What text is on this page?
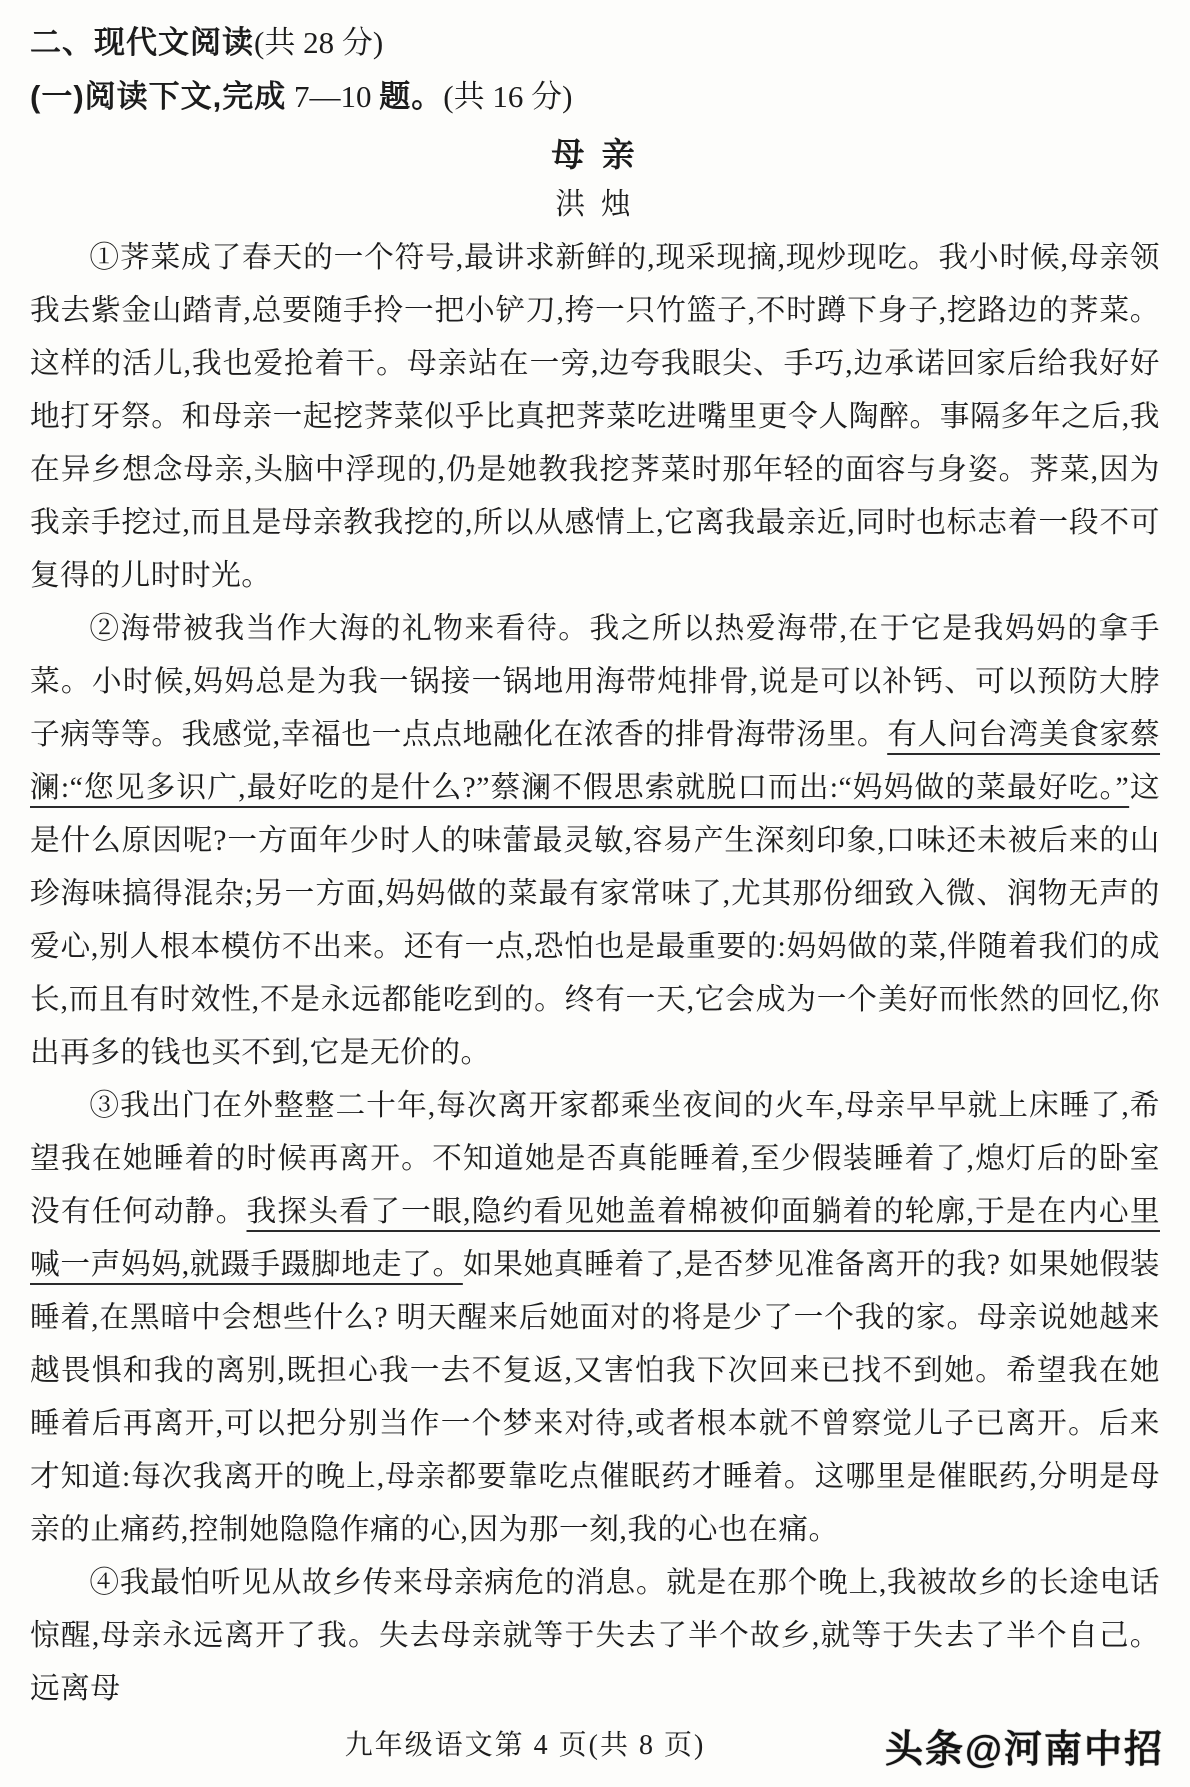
二、现代文阅读(共 28 分)
(一)阅读下文,完成 7—10 题。(共 16 分)
母 亲
洪 烛

①荠菜成了春天的一个符号,最讲求新鲜的,现采现摘,现炒现吃。我小时候,母亲领我去紫金山踏青,总要随手拎一把小铲刀,挎一只竹篮子,不时蹲下身子,挖路边的荠菜。这样的活儿,我也爱抢着干。母亲站在一旁,边夸我眼尖、手巧,边承诺回家后给我好好地打牙祭。和母亲一起挖荠菜似乎比真把荠菜吃进嘴里更令人陶醉。事隔多年之后,我在异乡想念母亲,头脑中浮现的,仍是她教我挖荠菜时那年轻的面容与身姿。荠菜,因为我亲手挖过,而且是母亲教我挖的,所以从感情上,它离我最亲近,同时也标志着一段不可复得的儿时时光。

②海带被我当作大海的礼物来看待。我之所以热爱海带,在于它是我妈妈的拿手菜。小时候,妈妈总是为我一锅接一锅地用海带炖排骨,说是可以补钙、可以预防大脖子病等等。我感觉,幸福也一点点地融化在浓香的排骨海带汤里。有人问台湾美食家蔡澜:“您见多识广,最好吃的是什么?”蔡澜不假思索就脱口而出:“妈妈做的菜最好吃。”这是什么原因呢?一方面年少时人的味蕾最灵敏,容易产生深刻印象,口味还未被后来的山珍海味搞得混杂;另一方面,妈妈做的菜最有家常味了,尤其那份细致入微、润物无声的爱心,别人根本模仿不出来。还有一点,恐怕也是最重要的:妈妈做的菜,伴随着我们的成长,而且有时效性,不是永远都能吃到的。终有一天,它会成为一个美好而怅然的回忆,你出再多的钱也买不到,它是无价的。

③我出门在外整整二十年,每次离开家都乘坐夜间的火车,母亲早早就上床睡了,希望我在她睡着的时候再离开。不知道她是否真能睡着,至少假装睡着了,熄灯后的卧室没有任何动静。我探头看了一眼,隐约看见她盖着棉被仰面躺着的轮廓,于是在内心里喊一声妈妈,就蹑手蹑脚地走了。如果她真睡着了,是否梦见准备离开的我? 如果她假装睡着,在黑暗中会想些什么? 明天醒来后她面对的将是少了一个我的家。母亲说她越来越畏惧和我的离别,既担心我一去不复返,又害怕我下次回来已找不到她。希望我在她睡着后再离开,可以把分别当作一个梦来对待,或者根本就不曾察觉儿子已离开。后来才知道:每次我离开的晚上,母亲都要靠吃点催眠药才睡着。这哪里是催眠药,分明是母亲的止痛药,控制她隐隐作痛的心,因为那一刻,我的心也在痛。

④我最怕听见从故乡传来母亲病危的消息。就是在那个晚上,我被故乡的长途电话惊醒,母亲永远离开了我。失去母亲就等于失去了半个故乡,就等于失去了半个自己。远离母

九年级语文第 4 页(共 8 页)	头条@河南中招
